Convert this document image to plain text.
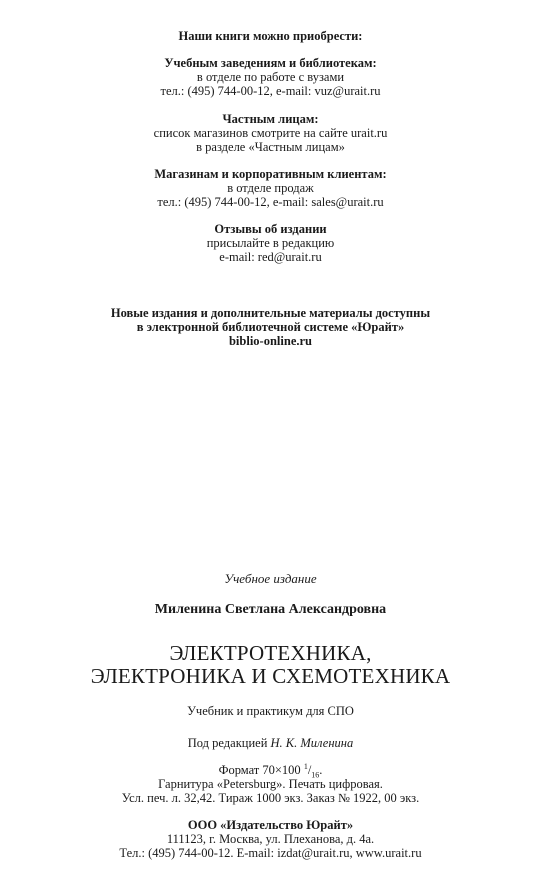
Наши книги можно приобрести:
Учебным заведениям и библиотекам:
в отделе по работе с вузами
тел.: (495) 744-00-12, e-mail: vuz@urait.ru
Частным лицам:
список магазинов смотрите на сайте urait.ru
в разделе «Частным лицам»
Магазинам и корпоративным клиентам:
в отделе продаж
тел.: (495) 744-00-12, e-mail: sales@urait.ru
Отзывы об издании
присылайте в редакцию
e-mail: red@urait.ru
Новые издания и дополнительные материалы доступны
в электронной библиотечной системе «Юрайт»
biblio-online.ru
Учебное издание
Миленина Светлана Александровна
ЭЛЕКТРОТЕХНИКА,
ЭЛЕКТРОНИКА И СХЕМОТЕХНИКА
Учебник и практикум для СПО
Под редакцией Н. К. Миленина
Формат 70×100 $^1/_{16}$.
Гарнитура «Petersburg». Печать цифровая.
Усл. печ. л. 32,42. Тираж 1000 экз. Заказ № 1922, 00 экз.
ООО «Издательство Юрайт»
111123, г. Москва, ул. Плеханова, д. 4а.
Тел.: (495) 744-00-12. E-mail: izdat@urait.ru, www.urait.ru
